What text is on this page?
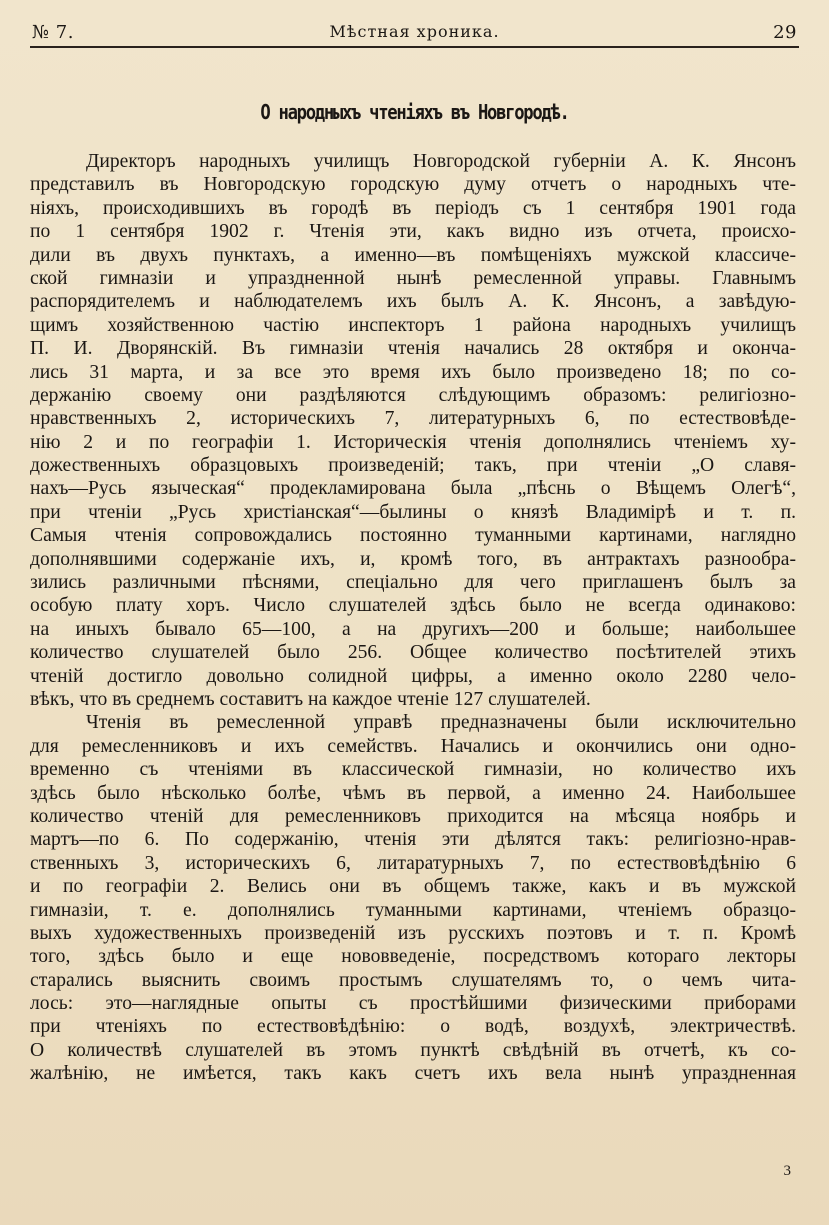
№ 7.	Мѣстная хроника.	29
О народныхъ чтеніяхъ въ Новгородѣ.
Директоръ народныхъ училищъ Новгородской губерніи А. К. Янсонъ
представилъ въ Новгородскую городскую думу отчетъ о народныхъ чте-
ніяхъ, происходившихъ въ городѣ въ періодъ съ 1 сентября 1901 года
по 1 сентября 1902 г. Чтенія эти, какъ видно изъ отчета, происхо-
дили въ двухъ пунктахъ, а именно—въ помѣщеніяхъ мужской классиче-
ской гимназіи и упраздненной нынѣ ремесленной управы. Главнымъ
распорядителемъ и наблюдателемъ ихъ былъ А. К. Янсонъ, а завѣдую-
щимъ хозяйственною частію инспекторъ 1 района народныхъ училищъ
П. И. Дворянскій. Въ гимназіи чтенія начались 28 октября и оконча-
лись 31 марта, и за все это время ихъ было произведено 18; по со-
держанію своему они раздѣляются слѣдующимъ образомъ: религіозно-
нравственныхъ 2, историческихъ 7, литературныхъ 6, по естествовѣде-
нію 2 и по географіи 1. Историческія чтенія дополнялись чтеніемъ ху-
дожественныхъ образцовыхъ произведеній; такъ, при чтеніи „О славя-
нахъ—Русь языческая“ продекламирована была „пѣснь о Вѣщемъ Олегѣ“,
при чтеніи „Русь христіанская“—былины о князѣ Владимірѣ и т. п.
Самыя чтенія сопровождались постоянно туманными картинами, наглядно
дополнявшими содержаніе ихъ, и, кромѣ того, въ антрактахъ разнообра-
зились различными пѣснями, спеціально для чего приглашенъ былъ за
особую плату хоръ. Число слушателей здѣсь было не всегда одинаково:
на иныхъ бывало 65—100, а на другихъ—200 и больше; наибольшее
количество слушателей было 256. Общее количество посѣтителей этихъ
чтеній достигло довольно солидной цифры, а именно около 2280 чело-
вѣкъ, что въ среднемъ составитъ на каждое чтеніе 127 слушателей.
Чтенія въ ремесленной управѣ предназначены были исключительно
для ремесленниковъ и ихъ семействъ. Начались и окончились они одно-
временно съ чтеніями въ классической гимназіи, но количество ихъ
здѣсь было нѣсколько болѣе, чѣмъ въ первой, а именно 24. Наибольшее
количество чтеній для ремесленниковъ приходится на мѣсяца ноябрь и
мартъ—по 6. По содержанію, чтенія эти дѣлятся такъ: религіозно-нрав-
ственныхъ 3, историческихъ 6, литаратурныхъ 7, по естествовѣдѣнію 6
и по географіи 2. Велись они въ общемъ также, какъ и въ мужской
гимназіи, т. е. дополнялись туманными картинами, чтеніемъ образцо-
выхъ художественныхъ произведеній изъ русскихъ поэтовъ и т. п. Кромѣ
того, здѣсь было и еще нововведеніе, посредствомъ котораго лекторы
старались выяснить своимъ простымъ слушателямъ то, о чемъ чита-
лось: это—наглядные опыты съ простѣйшими физическими приборами
при чтеніяхъ по естествовѣдѣнію: о водѣ, воздухѣ, электричествѣ.
О количествѣ слушателей въ этомъ пунктѣ свѣдѣній въ отчетѣ, къ со-
жалѣнію, не имѣется, такъ какъ счетъ ихъ вела нынѣ упраздненная
3
